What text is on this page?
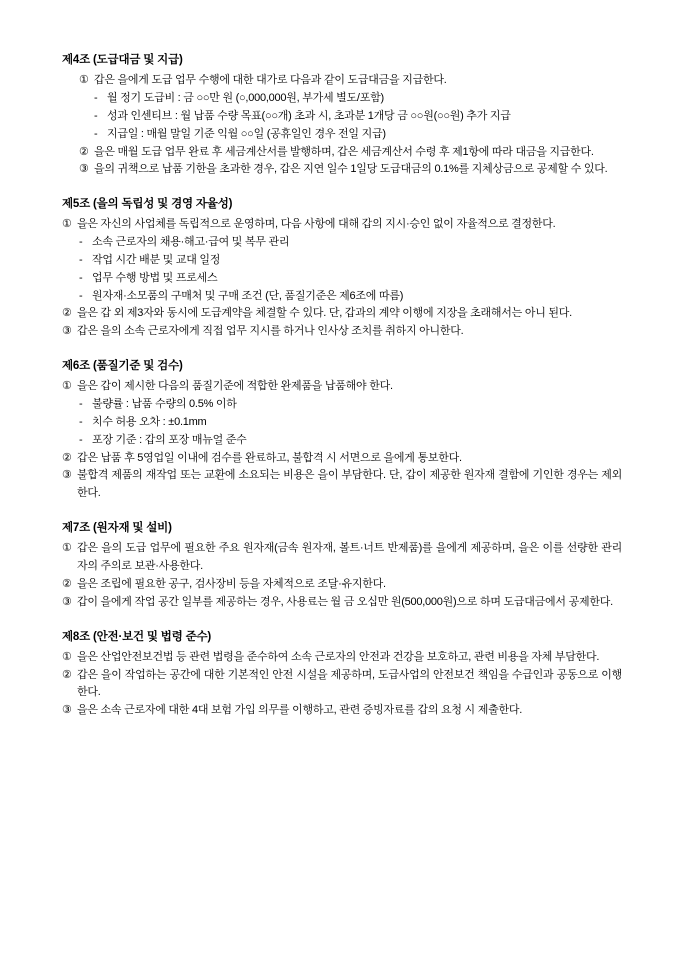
제4조 (도급대금 및 지급)
① 갑은 을에게 도급 업무 수행에 대한 대가로 다음과 같이 도급대금을 지급한다.
- 월 정기 도급비 : 금 ○○만 원 (○,000,000원, 부가세 별도/포함)
- 성과 인센티브 : 월 납품 수량 목표(○○개) 초과 시, 초과분 1개당 금 ○○원(○○원) 추가 지급
- 지급일 : 매월 말일 기준 익월 ○○일 (공휴일인 경우 전일 지급)
② 을은 매월 도급 업무 완료 후 세금계산서를 발행하며, 갑은 세금계산서 수령 후 제1항에 따라 대금을 지급한다.
③ 을의 귀책으로 납품 기한을 초과한 경우, 갑은 지연 일수 1일당 도급대금의 0.1%를 지체상금으로 공제할 수 있다.
제5조 (을의 독립성 및 경영 자율성)
① 을은 자신의 사업체를 독립적으로 운영하며, 다음 사항에 대해 갑의 지시·승인 없이 자율적으로 결정한다.
- 소속 근로자의 채용·해고·급여 및 복무 관리
- 작업 시간 배분 및 교대 일정
- 업무 수행 방법 및 프로세스
- 원자재·소모품의 구매처 및 구매 조건 (단, 품질기준은 제6조에 따름)
② 을은 갑 외 제3자와 동시에 도급계약을 체결할 수 있다. 단, 갑과의 계약 이행에 지장을 초래해서는 아니 된다.
③ 갑은 을의 소속 근로자에게 직접 업무 지시를 하거나 인사상 조치를 취하지 아니한다.
제6조 (품질기준 및 검수)
① 을은 갑이 제시한 다음의 품질기준에 적합한 완제품을 납품해야 한다.
- 불량률 : 납품 수량의 0.5% 이하
- 치수 허용 오차 : ±0.1mm
- 포장 기준 : 갑의 포장 매뉴얼 준수
② 갑은 납품 후 5영업일 이내에 검수를 완료하고, 불합격 시 서면으로 을에게 통보한다.
③ 불합격 제품의 재작업 또는 교환에 소요되는 비용은 을이 부담한다. 단, 갑이 제공한 원자재 결함에 기인한 경우는 제외한다.
제7조 (원자재 및 설비)
① 갑은 을의 도급 업무에 필요한 주요 원자재(금속 원자재, 볼트·너트 반제품)를 을에게 제공하며, 을은 이를 선량한 관리자의 주의로 보관·사용한다.
② 을은 조립에 필요한 공구, 검사장비 등을 자체적으로 조달·유지한다.
③ 갑이 을에게 작업 공간 일부를 제공하는 경우, 사용료는 월 금 오십만 원(500,000원)으로 하며 도급대금에서 공제한다.
제8조 (안전·보건 및 법령 준수)
① 을은 산업안전보건법 등 관련 법령을 준수하여 소속 근로자의 안전과 건강을 보호하고, 관련 비용을 자체 부담한다.
② 갑은 을이 작업하는 공간에 대한 기본적인 안전 시설을 제공하며, 도급사업의 안전보건 책임을 수급인과 공동으로 이행한다.
③ 을은 소속 근로자에 대한 4대 보험 가입 의무를 이행하고, 관련 증빙자료를 갑의 요청 시 제출한다.
